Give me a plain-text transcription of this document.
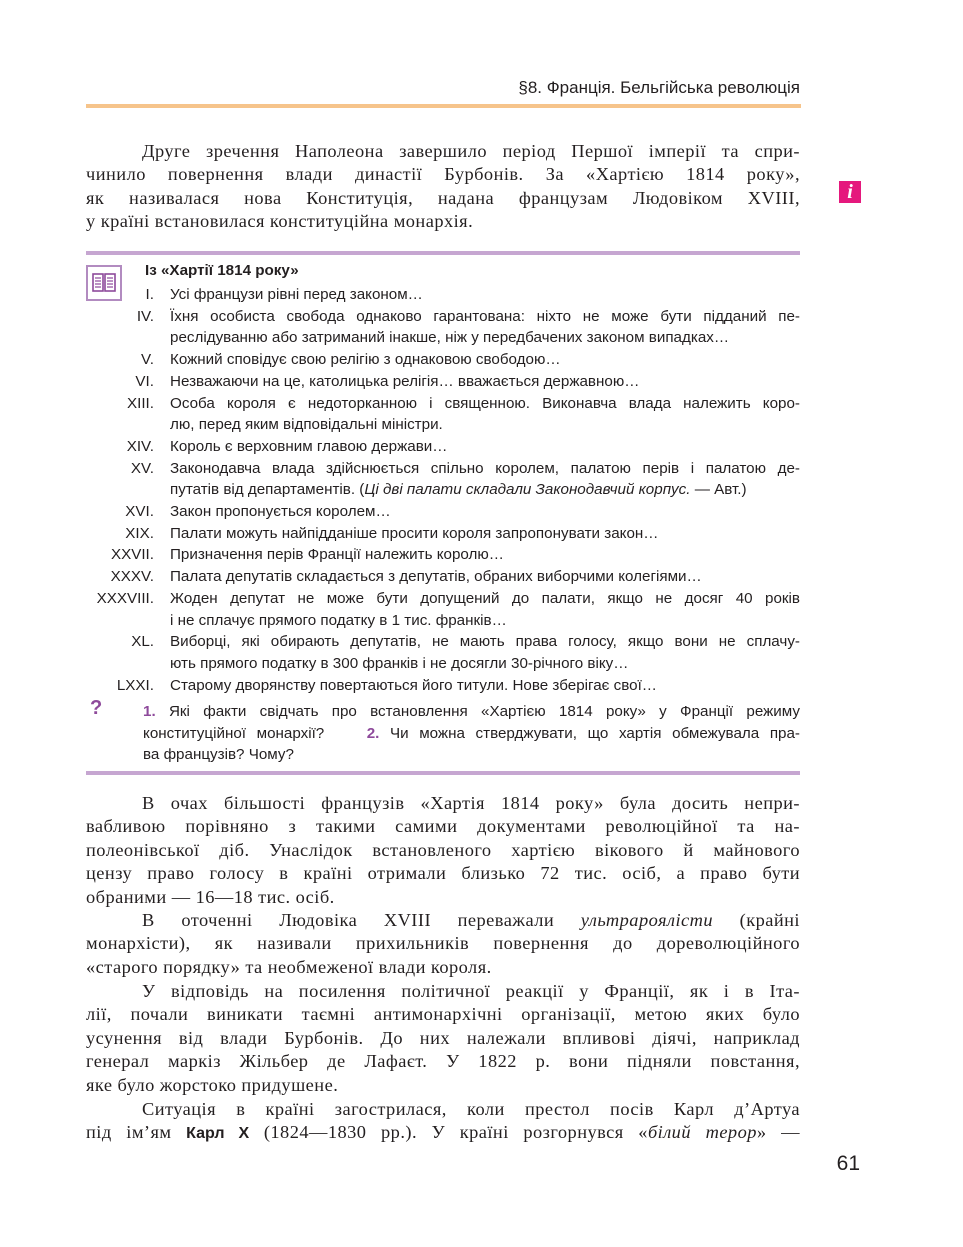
§8. Франція. Бельгійська революція
i
Друге зречення Наполеона завершило період Першої імперії та спри-
чинило повернення влади династії Бурбонів. За «Хартією 1814 року»,
як називалася нова Конституція, надана французам Людовіком XVIII,
у країні встановилася конституційна монархія.
Із «Хартії 1814 року»
I. Усі французи рівні перед законом…
IV. Їхня особиста свобода однаково гарантована: ніхто не може бути підданий пе-
реслідуванню або затриманий інакше, ніж у передбачених законом випадках…
V. Кожний сповідує свою релігію з однаковою свободою…
VI. Незважаючи на це, католицька релігія… вважається державною…
XIII. Особа короля є недоторканною і священною. Виконавча влада належить коро-
лю, перед яким відповідальні міністри.
XIV. Король є верховним главою держави…
XV. Законодавча влада здійснюється спільно королем, палатою перів і палатою де-
путатів від департаментів. (Ці дві палати складали Законодавчий корпус. — Авт.)
XVI. Закон пропонується королем…
XIX. Палати можуть найпідданіше просити короля запропонувати закон…
XXVII. Призначення перів Франції належить королю…
XXXV. Палата депутатів складається з депутатів, обраних виборчими колегіями…
XXXVIII. Жоден депутат не може бути допущений до палати, якщо не досяг 40 років
і не сплачує прямого податку в 1 тис. франків…
XL. Виборці, які обирають депутатів, не мають права голосу, якщо вони не сплачу-
ють прямого податку в 300 франків і не досягли 30-річного віку…
LXXI. Старому дворянству повертаються його титули. Нове зберігає свої…
?	1. Які факти свідчать про встановлення «Хартією 1814 року» у Франції режиму
конституційної монархії?	2. Чи можна стверджувати, що хартія обмежувала пра-
ва французів? Чому?
В очах більшості французів «Хартія 1814 року» була досить непри-
вабливою порівняно з такими самими документами революційної та на-
полеонівської діб. Унаслідок встановленого хартією вікового й майнового
цензу право голосу в країні отримали близько 72 тис. осіб, а право бути
обраними — 16—18 тис. осіб.
В оточенні Людовіка XVIII переважали ультрароялісти (крайні
монархісти), як називали прихильників повернення до дореволюційного
«старого порядку» та необмеженої влади короля.
У відповідь на посилення політичної реакції у Франції, як і в Іта-
лії, почали виникати таємні антимонархічні організації, метою яких було
усунення від влади Бурбонів. До них належали впливові діячі, наприклад
генерал маркіз Жільбер де Лафаєт. У 1822 р. вони підняли повстання,
яке було жорстоко придушене.
Ситуація в країні загострилася, коли престол посів Карл д’Артуа
під ім’ям Карл X (1824—1830 рр.). У країні розгорнувся «білий терор» —
61
